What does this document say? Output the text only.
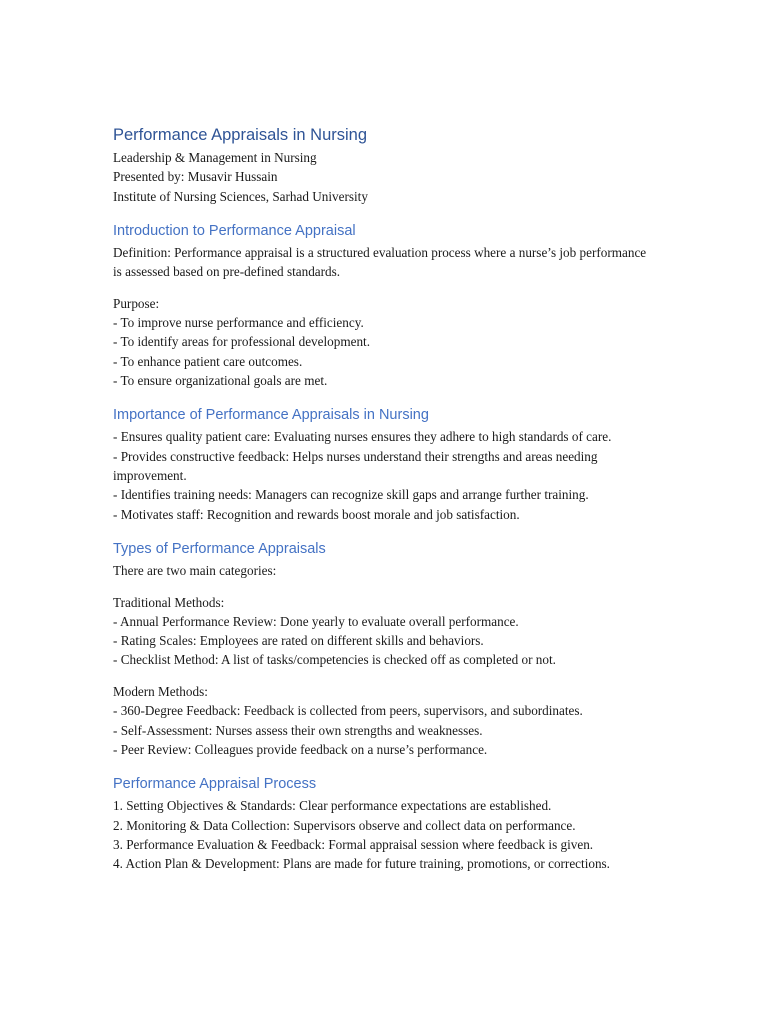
Performance Appraisals in Nursing

Leadership & Management in Nursing

Presented by: Musavir Hussain

Institute of Nursing Sciences, Sarhad University

Introduction to Performance Appraisal

Definition: Performance appraisal is a structured evaluation process where a nurse’s job performance is assessed based on pre-defined standards.

Purpose:

- To improve nurse performance and efficiency.

- To identify areas for professional development.

- To enhance patient care outcomes.

- To ensure organizational goals are met.

Importance of Performance Appraisals in Nursing

- Ensures quality patient care: Evaluating nurses ensures they adhere to high standards of care.

- Provides constructive feedback: Helps nurses understand their strengths and areas needing improvement.

- Identifies training needs: Managers can recognize skill gaps and arrange further training.

- Motivates staff: Recognition and rewards boost morale and job satisfaction.

Types of Performance Appraisals

There are two main categories:

Traditional Methods:

- Annual Performance Review: Done yearly to evaluate overall performance.

- Rating Scales: Employees are rated on different skills and behaviors.

- Checklist Method: A list of tasks/competencies is checked off as completed or not.

Modern Methods:

- 360-Degree Feedback: Feedback is collected from peers, supervisors, and subordinates.

- Self-Assessment: Nurses assess their own strengths and weaknesses.

- Peer Review: Colleagues provide feedback on a nurse’s performance.

Performance Appraisal Process

1. Setting Objectives & Standards: Clear performance expectations are established.

2. Monitoring & Data Collection: Supervisors observe and collect data on performance.

3. Performance Evaluation & Feedback: Formal appraisal session where feedback is given.

4. Action Plan & Development: Plans are made for future training, promotions, or corrections.
